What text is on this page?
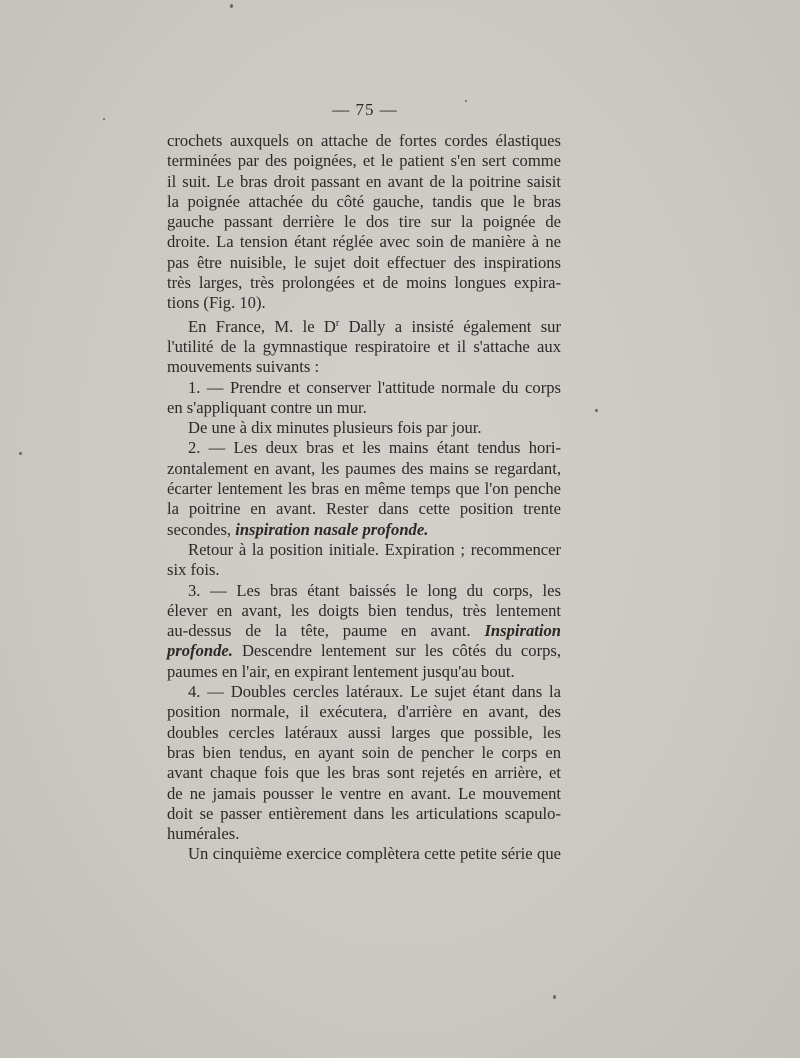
— 75 —
crochets auxquels on attache de fortes cordes élastiques
terminées par des poignées, et le patient s'en sert comme
il suit. Le bras droit passant en avant de la poitrine saisit
la poignée attachée du côté gauche, tandis que le bras
gauche passant derrière le dos tire sur la poignée de
droite. La tension étant réglée avec soin de manière à ne
pas être nuisible, le sujet doit effectuer des inspirations
très larges, très prolongées et de moins longues expira-
tions (Fig. 10).
En France, M. le $D^r$ Dally a insisté également sur
l'utilité de la gymnastique respiratoire et il s'attache aux
mouvements suivants :
1. — Prendre et conserver l'attitude normale du corps
en s'appliquant contre un mur.
De une à dix minutes plusieurs fois par jour.
2. — Les deux bras et les mains étant tendus hori-
zontalement en avant, les paumes des mains se regardant,
écarter lentement les bras en même temps que l'on penche
la poitrine en avant. Rester dans cette position trente
secondes, inspiration nasale profonde.
Retour à la position initiale. Expiration ; recommencer
six fois.
3. — Les bras étant baissés le long du corps, les
élever en avant, les doigts bien tendus, très lentement
au-dessus de la tête, paume en avant. Inspiration
profonde. Descendre lentement sur les côtés du corps,
paumes en l'air, en expirant lentement jusqu'au bout.
4. — Doubles cercles latéraux. Le sujet étant dans la
position normale, il exécutera, d'arrière en avant, des
doubles cercles latéraux aussi larges que possible, les
bras bien tendus, en ayant soin de pencher le corps en
avant chaque fois que les bras sont rejetés en arrière, et
de ne jamais pousser le ventre en avant. Le mouvement
doit se passer entièrement dans les articulations scapulo-
humérales.
Un cinquième exercice complètera cette petite série que
